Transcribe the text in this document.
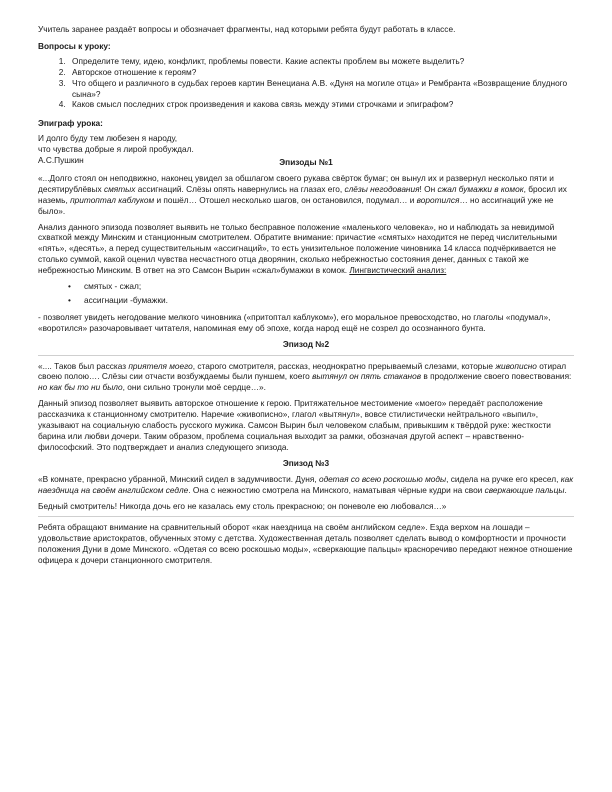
Учитель заранее раздаёт вопросы и обозначает фрагменты, над которыми ребята будут работать в классе.

Вопросы к уроку:

1. Определите тему, идею, конфликт, проблемы повести. Какие аспекты проблем вы можете выделить?
2. Авторское отношение к героям?
3. Что общего и различного в судьбах героев картин Венециана А.В. «Дуня на могиле отца» и Рембранта «Возвращение блудного сына»?
4. Каков смысл последних строк произведения и какова связь между этими строчками и эпиграфом?

Эпиграф урока:

И долго буду тем любезен я народу,

что чувства добрые я лирой пробуждал.

А.С.Пушкин	Эпизоды №1

«...Долго стоял он неподвижно, наконец увидел за обшлагом своего рукава свёрток бумаг; он вынул их и развернул несколько пяти и десятирублёвых смятых ассигнаций. Слёзы опять навернулись на глазах его, слёзы негодования! Он сжал бумажки в комок, бросил их наземь, притоптал каблуком и пошёл… Отошел несколько шагов, он остановился, подумал… и воротился… но ассигнаций уже не было».

Анализ данного эпизода позволяет выявить не только бесправное положение «маленького человека», но и наблюдать за невидимой схваткой между Минским и станционным смотрителем. Обратите внимание: причастие «смятых» находится не перед числительными «пять», «десять», а перед существительным «ассигнаций», то есть унизительное положение чиновника 14 класса подчёркивается не столько суммой, какой оценил чувства несчастного отца дворянин, сколько небрежностью состояния денег, данных с такой же небрежностью Минским. В ответ на это Самсон Вырин «сжал»бумажки в комок. Лингвистический анализ:

• смятых - сжал;
• ассигнации -бумажки.

- позволяет увидеть негодование мелкого чиновника («притоптал каблуком»), его моральное превосходство, но глаголы «подумал», «воротился» разочаровывает читателя, напоминая ему об эпохе, когда народ ещё не созрел до осознанного бунта.

Эпизод №2

«.... Таков был рассказ приятеля моего, старого смотрителя, рассказ, неоднократно прерываемый слезами, которые живописно отирал своею полою…. Слёзы сии отчасти возбуждаемы были пуншем, коего вытянул он пять стаканов в продолжение своего повествования: но как бы то ни было, они сильно тронули моё сердце…».

Данный эпизод позволяет выявить авторское отношение к герою. Притяжательное местоимение «моего» передаёт расположение рассказчика к станционному смотрителю. Наречие «живописно», глагол «вытянул», вовсе стилистически нейтрального «выпил», указывают на социальную слабость русского мужика. Самсон Вырин был человеком слабым, привыкшим к твёрдой руке: жесткости барина или любви дочери. Таким образом, проблема социальная выходит за рамки, обозначая другой аспект – нравственно-философский. Это подтверждает и анализ следующего эпизода.

Эпизод №3

«В комнате, прекрасно убранной, Минский сидел в задумчивости. Дуня, одетая со всею роскошью моды, сидела на ручке его кресел, как наездница на своём английском седле. Она с нежностию смотрела на Минского, наматывая чёрные кудри на свои сверкающие пальцы.

Бедный смотритель! Никогда дочь его не казалась ему столь прекрасною; он поневоле ею любовался…»

Ребята обращают внимание на сравнительный оборот «как наездница на своём английском седле». Езда верхом на лошади – удовольствие аристократов, обученных этому с детства. Художественная деталь позволяет сделать вывод о комфортности и прочности положения Дуни в доме Минского. «Одетая со всею роскошью моды», «сверкающие пальцы» красноречиво передают нежное отношение офицера к дочери станционного смотрителя.
